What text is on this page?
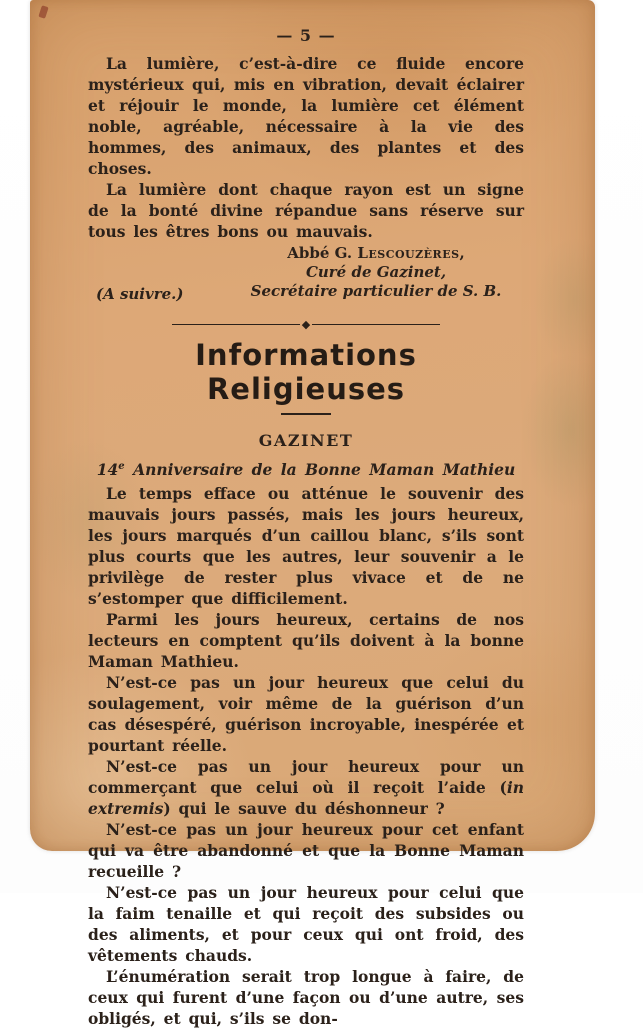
— 5 —

La lumière, c’est-à-dire ce fluide encore mystérieux qui, mis en vibration, devait éclairer et réjouir le monde, la lumière cet élément noble, agréable, nécessaire à la vie des hommes, des animaux, des plantes et des choses.

La lumière dont chaque rayon est un signe de la bonté divine répandue sans réserve sur tous les êtres bons ou mauvais.

Abbé G. Lescouzères,
Curé de Gazinet,
Secrétaire particulier de S. B.
(A suivre.)
◆
Informations Religieuses
GAZINET
14e Anniversaire de la Bonne Maman Mathieu

Le temps efface ou atténue le souvenir des mauvais jours passés, mais les jours heureux, les jours marqués d’un caillou blanc, s’ils sont plus courts que les autres, leur souvenir a le privilège de rester plus vivace et de ne s’estomper que difficilement.

Parmi les jours heureux, certains de nos lecteurs en comptent qu’ils doivent à la bonne Maman Mathieu.

N’est-ce pas un jour heureux que celui du soulagement, voir même de la guérison d’un cas désespéré, guérison incroyable, inespérée et pourtant réelle.

N’est-ce pas un jour heureux pour un commerçant que celui où il reçoit l’aide (in extremis) qui le sauve du déshonneur ?

N’est-ce pas un jour heureux pour cet enfant qui va être abandonné et que la Bonne Maman recueille ?

N’est-ce pas un jour heureux pour celui que la faim tenaille et qui reçoit des subsides ou des aliments, et pour ceux qui ont froid, des vêtements chauds.

L’énumération serait trop longue à faire, de ceux qui furent d’une façon ou d’une autre, ses obligés, et qui, s’ils se don-
